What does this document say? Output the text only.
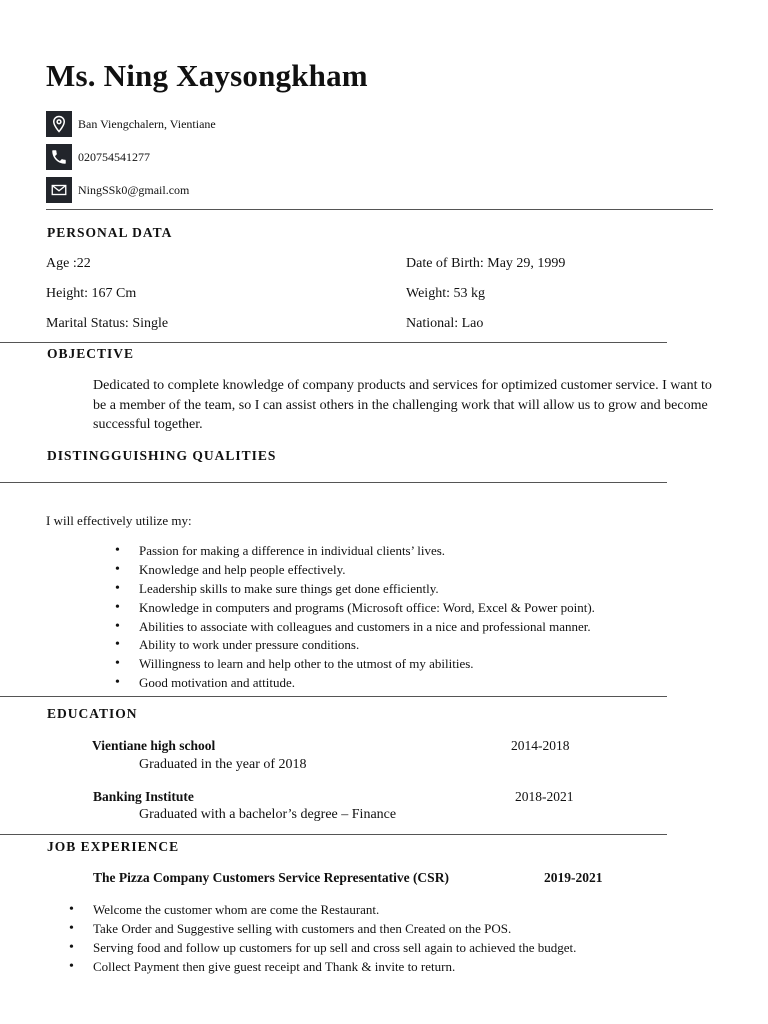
Ms. Ning Xaysongkham
Ban Viengchalern, Vientiane
020754541277
NingSSk0@gmail.com
PERSONAL DATA
Age :22	Date of Birth: May 29, 1999
Height: 167 Cm	Weight: 53 kg
Marital Status: Single	National: Lao
OBJECTIVE
Dedicated to complete knowledge of company products and services for optimized customer service. I want to be a member of the team, so I can assist others in the challenging work that will allow us to grow and become successful together.
DISTINGGUISHING QUALITIES
I will effectively utilize my:
• Passion for making a difference in individual clients’ lives.
• Knowledge and help people effectively.
• Leadership skills to make sure things get done efficiently.
• Knowledge in computers and programs (Microsoft office: Word, Excel & Power point).
• Abilities to associate with colleagues and customers in a nice and professional manner.
• Ability to work under pressure conditions.
• Willingness to learn and help other to the utmost of my abilities.
• Good motivation and attitude.
EDUCATION
Vientiane high school	2014-2018
Graduated in the year of 2018
Banking Institute	2018-2021
Graduated with a bachelor’s degree – Finance
JOB EXPERIENCE
The Pizza Company Customers Service Representative (CSR)	2019-2021
• Welcome the customer whom are come the Restaurant.
• Take Order and Suggestive selling with customers and then Created on the POS.
• Serving food and follow up customers for up sell and cross sell again to achieved the budget.
• Collect Payment then give guest receipt and Thank & invite to return.
